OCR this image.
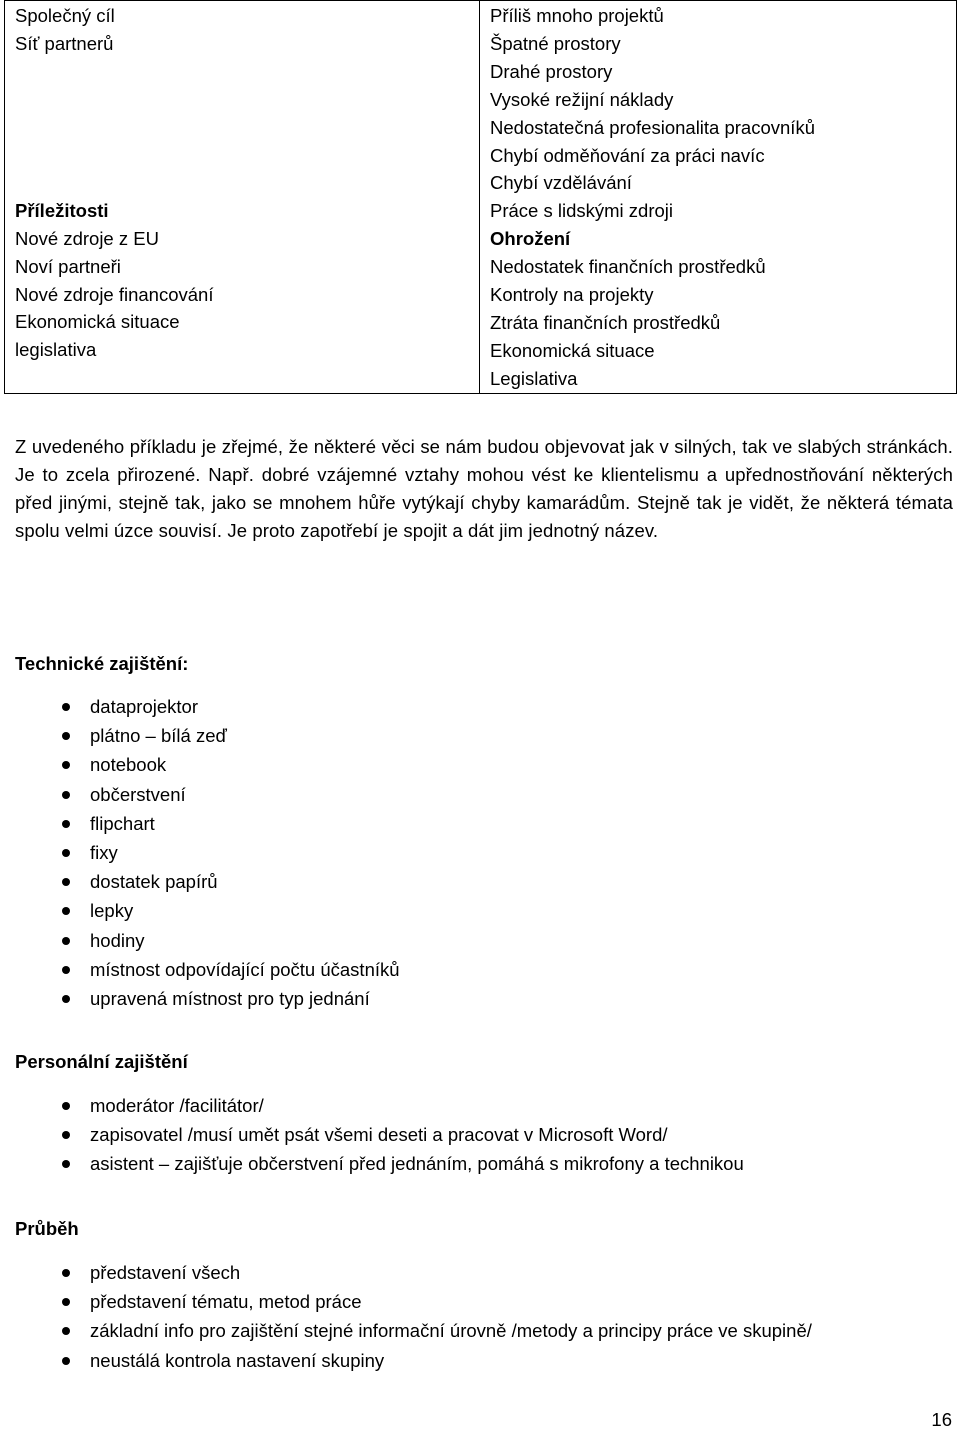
Společný cíl
Síť partnerů
Příležitosti
Nové zdroje z EU
Noví partneři
Nové zdroje financování
Ekonomická situace
legislativa

Příliš mnoho projektů
Špatné prostory
Drahé prostory
Vysoké režijní náklady
Nedostatečná profesionalita pracovníků
Chybí odměňování za práci navíc
Chybí vzdělávání
Práce s lidskými zdroji
Ohrožení
Nedostatek finančních prostředků
Kontroly na projekty
Ztráta finančních prostředků
Ekonomická situace
Legislativa

Z uvedeného příkladu je zřejmé, že některé věci se nám budou objevovat jak v silných, tak ve slabých stránkách. Je to zcela přirozené. Např. dobré vzájemné vztahy mohou vést ke klientelismu a upřednostňování některých před jinými, stejně tak, jako se mnohem hůře vytýkají chyby kamarádům. Stejně tak je vidět, že některá témata spolu velmi úzce souvisí. Je proto zapotřebí je spojit a dát jim jednotný název.

Technické zajištění:
dataprojektor
plátno – bílá zeď
notebook
občerstvení
flipchart
fixy
dostatek papírů
lepky
hodiny
místnost odpovídající počtu účastníků
upravená místnost pro typ jednání
Personální zajištění
moderátor /facilitátor/
zapisovatel /musí umět psát všemi deseti a pracovat v Microsoft Word/
asistent – zajišťuje občerstvení před jednáním, pomáhá s mikrofony a technikou
Průběh
představení všech
představení tématu, metod práce
základní info pro zajištění stejné informační úrovně /metody a principy práce ve skupině/
neustálá kontrola nastavení skupiny
16
